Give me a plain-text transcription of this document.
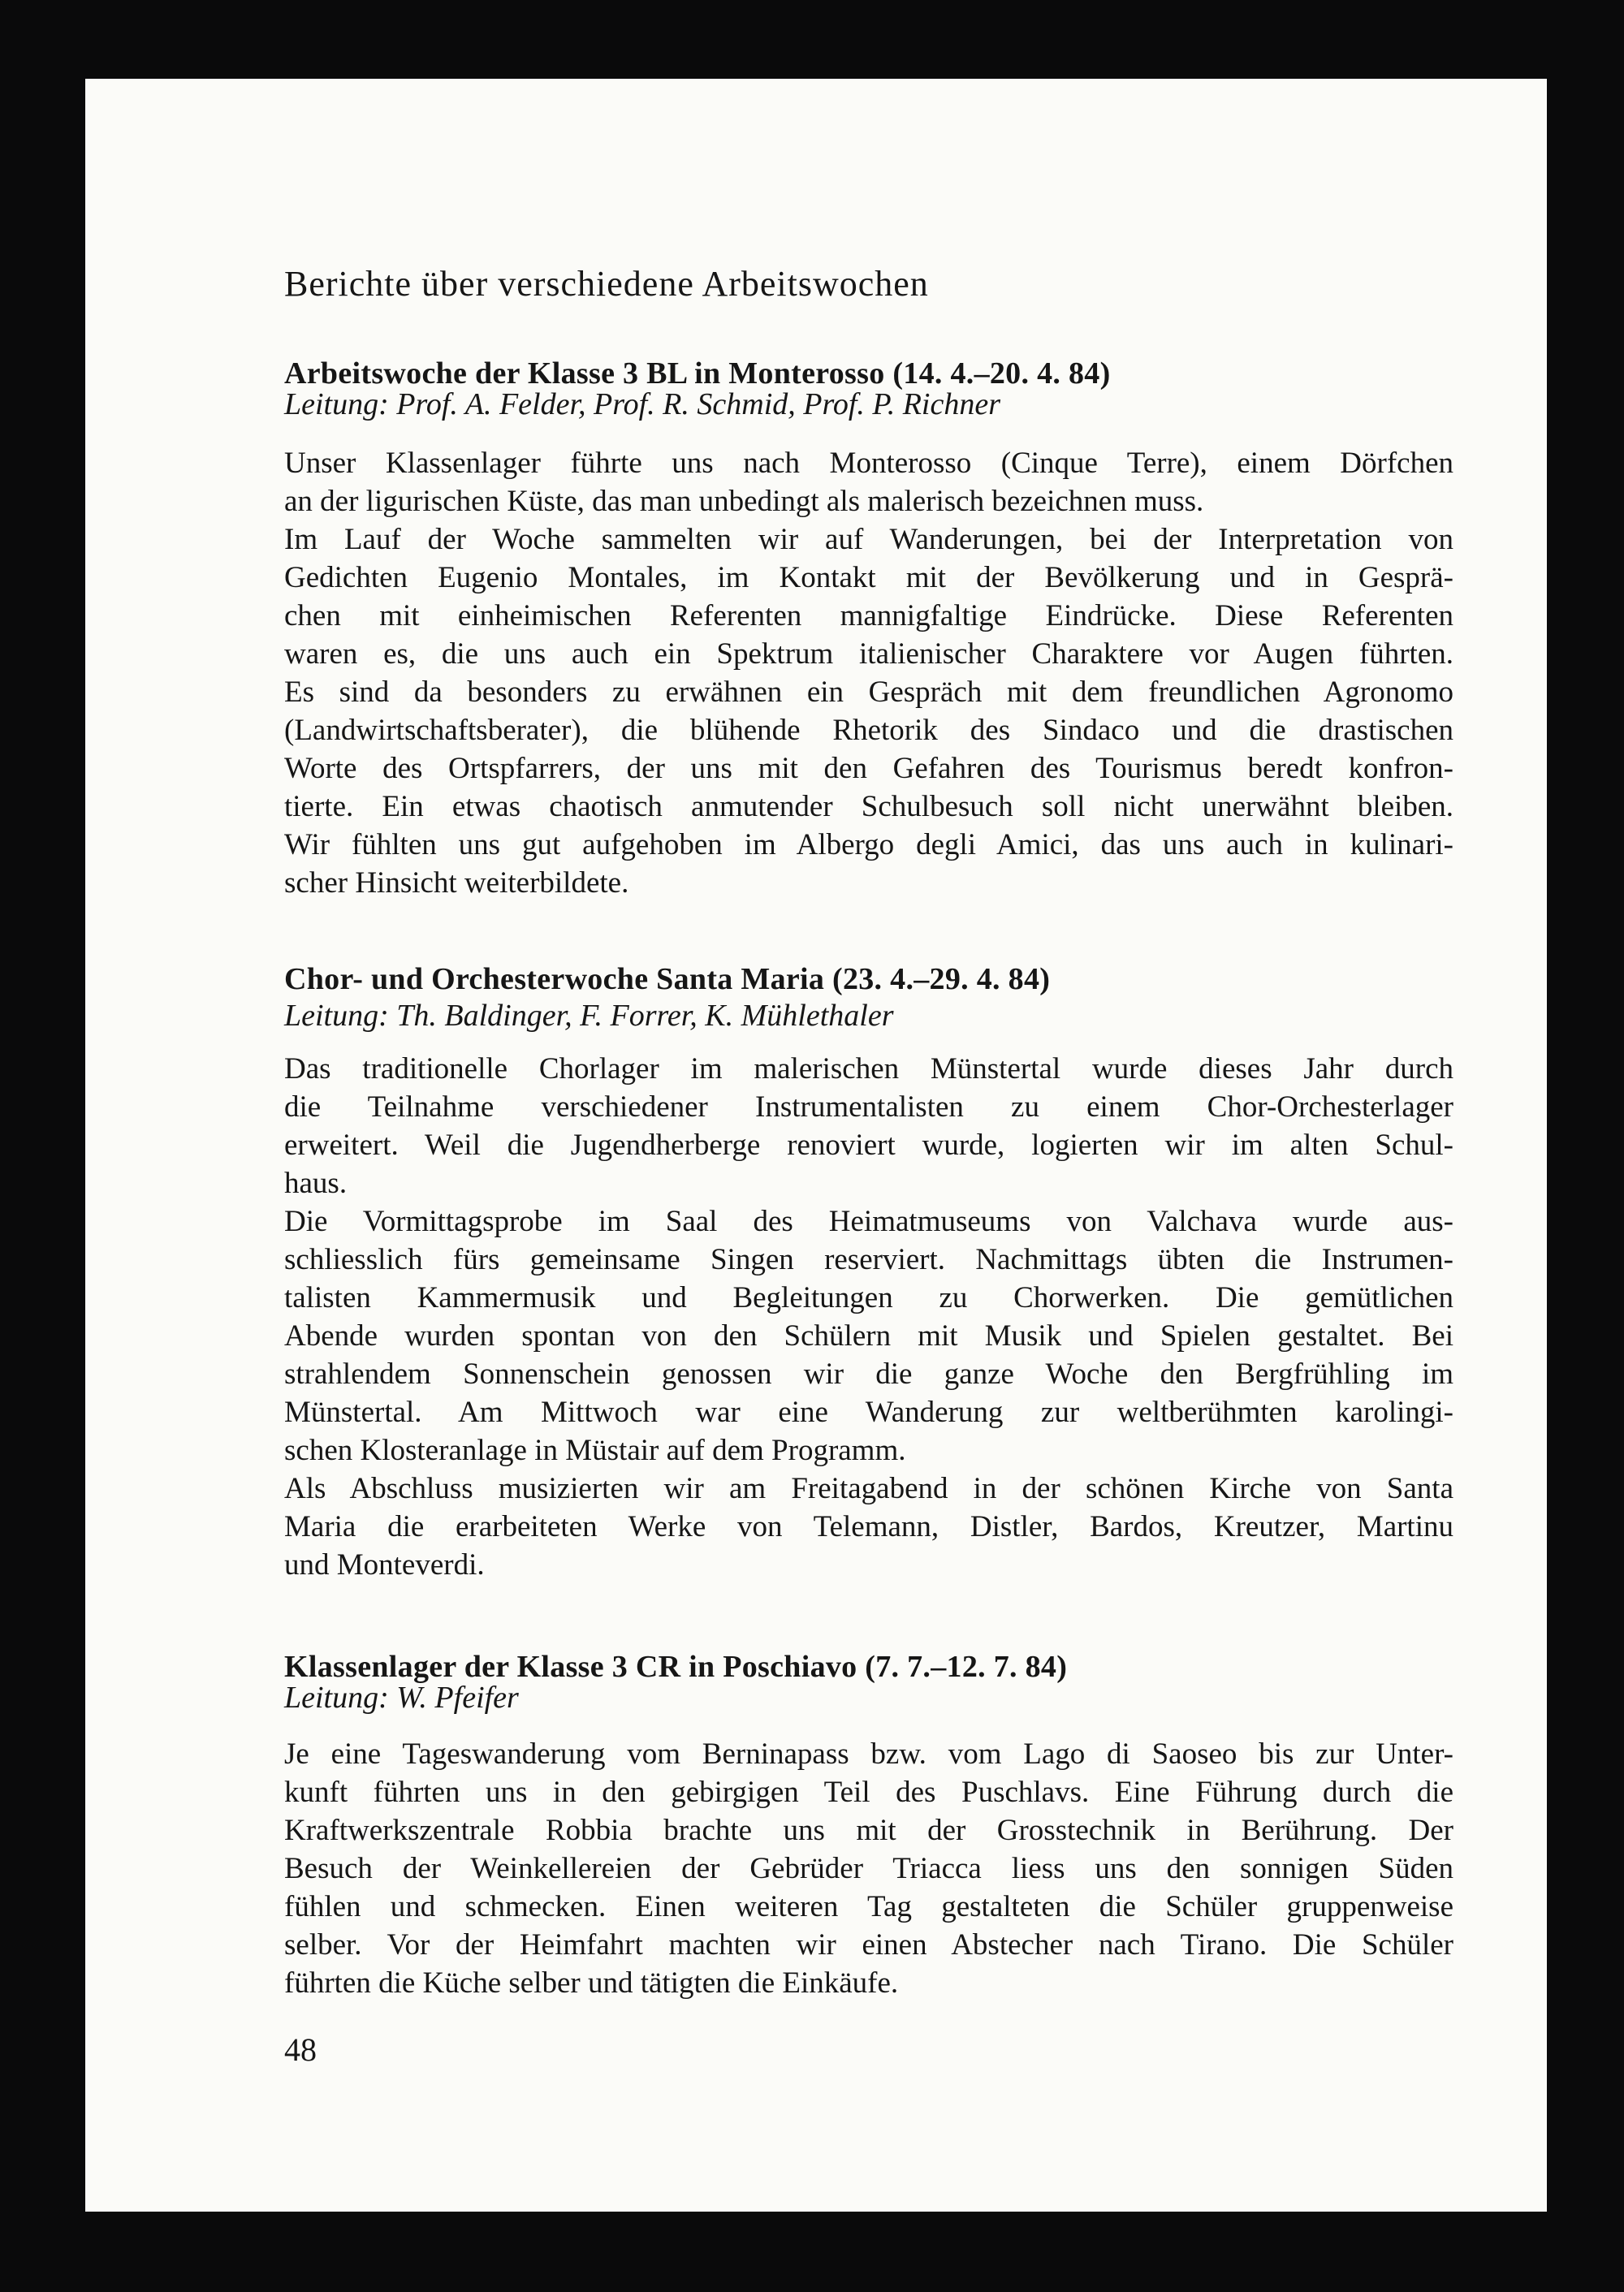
Berichte über verschiedene Arbeitswochen
Arbeitswoche der Klasse 3 BL in Monterosso (14. 4.–20. 4. 84)
Leitung: Prof. A. Felder, Prof. R. Schmid, Prof. P. Richner
Unser Klassenlager führte uns nach Monterosso (Cinque Terre), einem Dörfchen
an der ligurischen Küste, das man unbedingt als malerisch bezeichnen muss.
Im Lauf der Woche sammelten wir auf Wanderungen, bei der Interpretation von
Gedichten Eugenio Montales, im Kontakt mit der Bevölkerung und in Gesprä-
chen mit einheimischen Referenten mannigfaltige Eindrücke. Diese Referenten
waren es, die uns auch ein Spektrum italienischer Charaktere vor Augen führten.
Es sind da besonders zu erwähnen ein Gespräch mit dem freundlichen Agronomo
(Landwirtschaftsberater), die blühende Rhetorik des Sindaco und die drastischen
Worte des Ortspfarrers, der uns mit den Gefahren des Tourismus beredt konfron-
tierte. Ein etwas chaotisch anmutender Schulbesuch soll nicht unerwähnt bleiben.
Wir fühlten uns gut aufgehoben im Albergo degli Amici, das uns auch in kulinari-
scher Hinsicht weiterbildete.
Chor- und Orchesterwoche Santa Maria (23. 4.–29. 4. 84)
Leitung: Th. Baldinger, F. Forrer, K. Mühlethaler
Das traditionelle Chorlager im malerischen Münstertal wurde dieses Jahr durch
die Teilnahme verschiedener Instrumentalisten zu einem Chor-Orchesterlager
erweitert. Weil die Jugendherberge renoviert wurde, logierten wir im alten Schul-
haus.
Die Vormittagsprobe im Saal des Heimatmuseums von Valchava wurde aus-
schliesslich fürs gemeinsame Singen reserviert. Nachmittags übten die Instrumen-
talisten Kammermusik und Begleitungen zu Chorwerken. Die gemütlichen
Abende wurden spontan von den Schülern mit Musik und Spielen gestaltet. Bei
strahlendem Sonnenschein genossen wir die ganze Woche den Bergfrühling im
Münstertal. Am Mittwoch war eine Wanderung zur weltberühmten karolingi-
schen Klosteranlage in Müstair auf dem Programm.
Als Abschluss musizierten wir am Freitagabend in der schönen Kirche von Santa
Maria die erarbeiteten Werke von Telemann, Distler, Bardos, Kreutzer, Martinu
und Monteverdi.
Klassenlager der Klasse 3 CR in Poschiavo (7. 7.–12. 7. 84)
Leitung: W. Pfeifer
Je eine Tageswanderung vom Berninapass bzw. vom Lago di Saoseo bis zur Unter-
kunft führten uns in den gebirgigen Teil des Puschlavs. Eine Führung durch die
Kraftwerkszentrale Robbia brachte uns mit der Grosstechnik in Berührung. Der
Besuch der Weinkellereien der Gebrüder Triacca liess uns den sonnigen Süden
fühlen und schmecken. Einen weiteren Tag gestalteten die Schüler gruppenweise
selber. Vor der Heimfahrt machten wir einen Abstecher nach Tirano. Die Schüler
führten die Küche selber und tätigten die Einkäufe.
48
